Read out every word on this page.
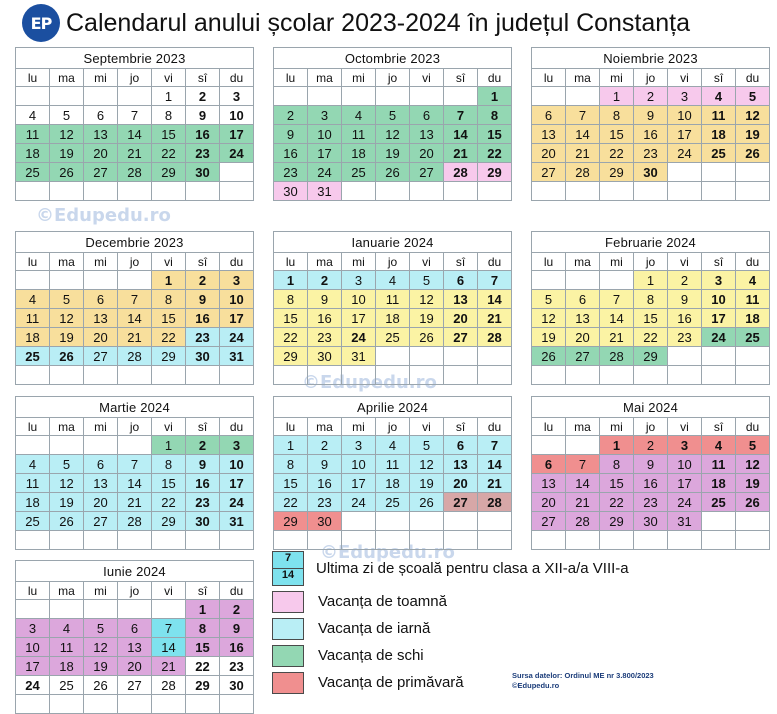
EP Calendarul anului școlar 2023-2024 în județul Constanța
©Edupedu.ro
©Edupedu.ro
©Edupedu.ro
Septembrie 2023						
lu	ma	mi	jo	vi	sî	du
				1	2	3
4	5	6	7	8	9	10
11	12	13	14	15	16	17
18	19	20	21	22	23	24
25	26	27	28	29	30	

Octombrie 2023						
lu	ma	mi	jo	vi	sî	du
						1
2	3	4	5	6	7	8
9	10	11	12	13	14	15
16	17	18	19	20	21	22
23	24	25	26	27	28	29
30	31					
Noiembrie 2023						
lu	ma	mi	jo	vi	sî	du
		1	2	3	4	5
6	7	8	9	10	11	12
13	14	15	16	17	18	19
20	21	22	23	24	25	26
27	28	29	30			

Decembrie 2023						
lu	ma	mi	jo	vi	sî	du
				1	2	3
4	5	6	7	8	9	10
11	12	13	14	15	16	17
18	19	20	21	22	23	24
25	26	27	28	29	30	31

Ianuarie 2024						
lu	ma	mi	jo	vi	sî	du
1	2	3	4	5	6	7
8	9	10	11	12	13	14
15	16	17	18	19	20	21
22	23	24	25	26	27	28
29	30	31				

Februarie 2024						
lu	ma	mi	jo	vi	sî	du
			1	2	3	4
5	6	7	8	9	10	11
12	13	14	15	16	17	18
19	20	21	22	23	24	25
26	27	28	29			

Martie 2024						
lu	ma	mi	jo	vi	sî	du
				1	2	3
4	5	6	7	8	9	10
11	12	13	14	15	16	17
18	19	20	21	22	23	24
25	26	27	28	29	30	31

Aprilie 2024						
lu	ma	mi	jo	vi	sî	du
1	2	3	4	5	6	7
8	9	10	11	12	13	14
15	16	17	18	19	20	21
22	23	24	25	26	27	28
29	30					

Mai 2024						
lu	ma	mi	jo	vi	sî	du
		1	2	3	4	5
6	7	8	9	10	11	12
13	14	15	16	17	18	19
20	21	22	23	24	25	26
27	28	29	30	31		

Iunie 2024						
lu	ma	mi	jo	vi	sî	du
					1	2
3	4	5	6	7	8	9
10	11	12	13	14	15	16
17	18	19	20	21	22	23
24	25	26	27	28	29	30

7
14	Ultima zi de școală pentru clasa a XII-a/a VIII-a
Vacanța de toamnă
Vacanța de iarnă
Vacanța de schi
Vacanța de primăvară	Sursa datelor: Ordinul ME nr 3.800/2023
©Edupedu.ro
